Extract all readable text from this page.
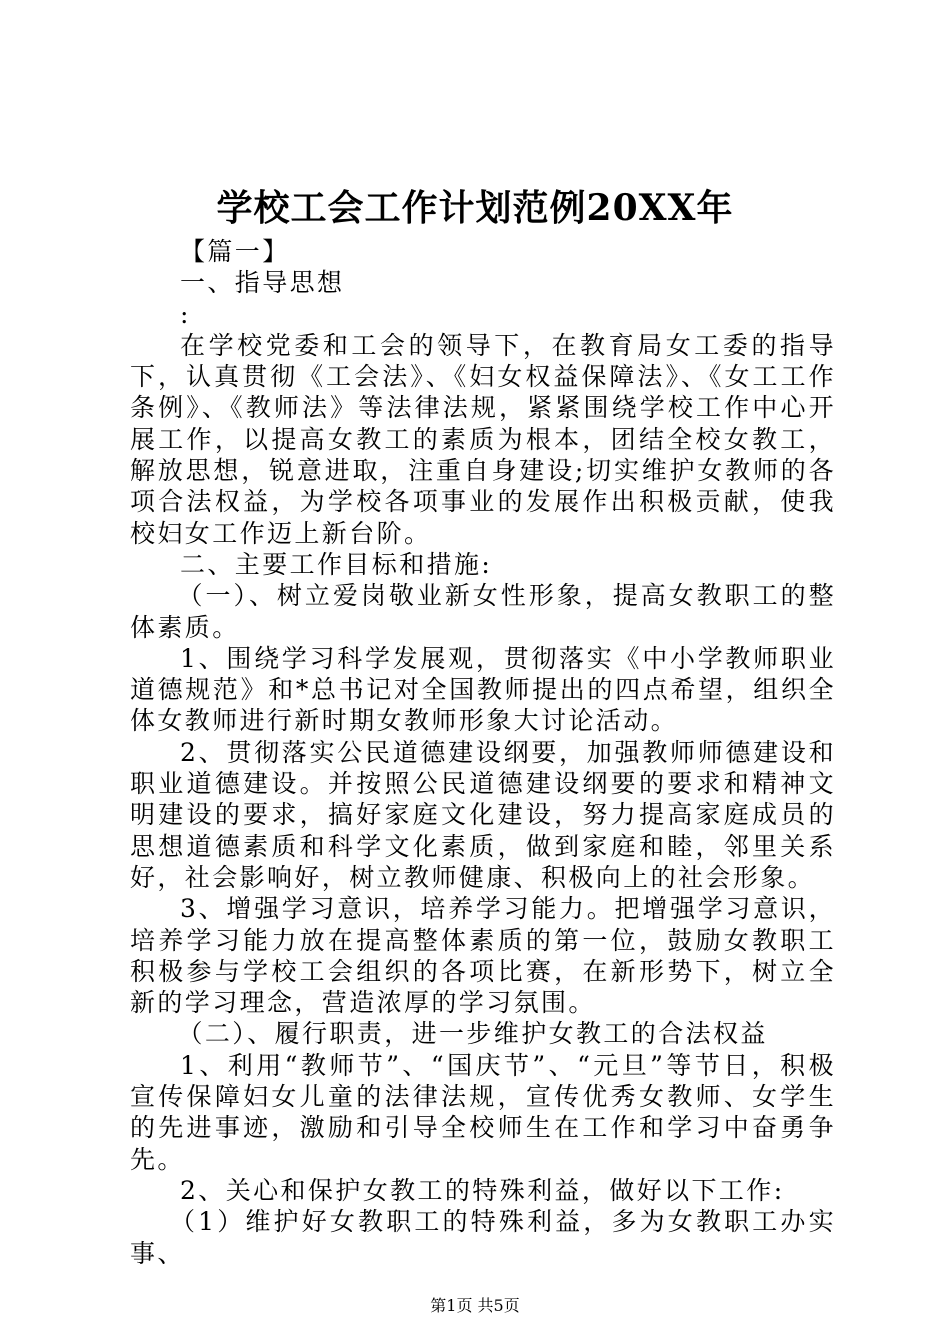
学校工会工作计划范例20XX年

【篇一】

一、指导思想

:

在学校党委和工会的领导下，在教育局女工委的指导下，认真贯彻《工会法》、《妇女权益保障法》、《女工工作条例》、《教师法》等法律法规，紧紧围绕学校工作中心开展工作，以提高女教工的素质为根本，团结全校女教工，解放思想，锐意进取，注重自身建设;切实维护女教师的各项合法权益，为学校各项事业的发展作出积极贡献，使我校妇女工作迈上新台阶。

二、主要工作目标和措施:

（一）、树立爱岗敬业新女性形象，提高女教职工的整体素质。

1、围绕学习科学发展观，贯彻落实《中小学教师职业道德规范》和*总书记对全国教师提出的四点希望，组织全体女教师进行新时期女教师形象大讨论活动。

2、贯彻落实公民道德建设纲要，加强教师师德建设和职业道德建设。并按照公民道德建设纲要的要求和精神文明建设的要求，搞好家庭文化建设，努力提高家庭成员的思想道德素质和科学文化素质，做到家庭和睦，邻里关系好，社会影响好，树立教师健康、积极向上的社会形象。

3、增强学习意识，培养学习能力。把增强学习意识，培养学习能力放在提高整体素质的第一位，鼓励女教职工积极参与学校工会组织的各项比赛，在新形势下，树立全新的学习理念，营造浓厚的学习氛围。

（二）、履行职责，进一步维护女教工的合法权益

1、利用“教师节”、“国庆节”、“元旦”等节日，积极宣传保障妇女儿童的法律法规，宣传优秀女教师、女学生的先进事迹，激励和引导全校师生在工作和学习中奋勇争先。

2、关心和保护女教工的特殊利益，做好以下工作:

（1）维护好女教职工的特殊利益，多为女教职工办实事、

第1页 共5页
